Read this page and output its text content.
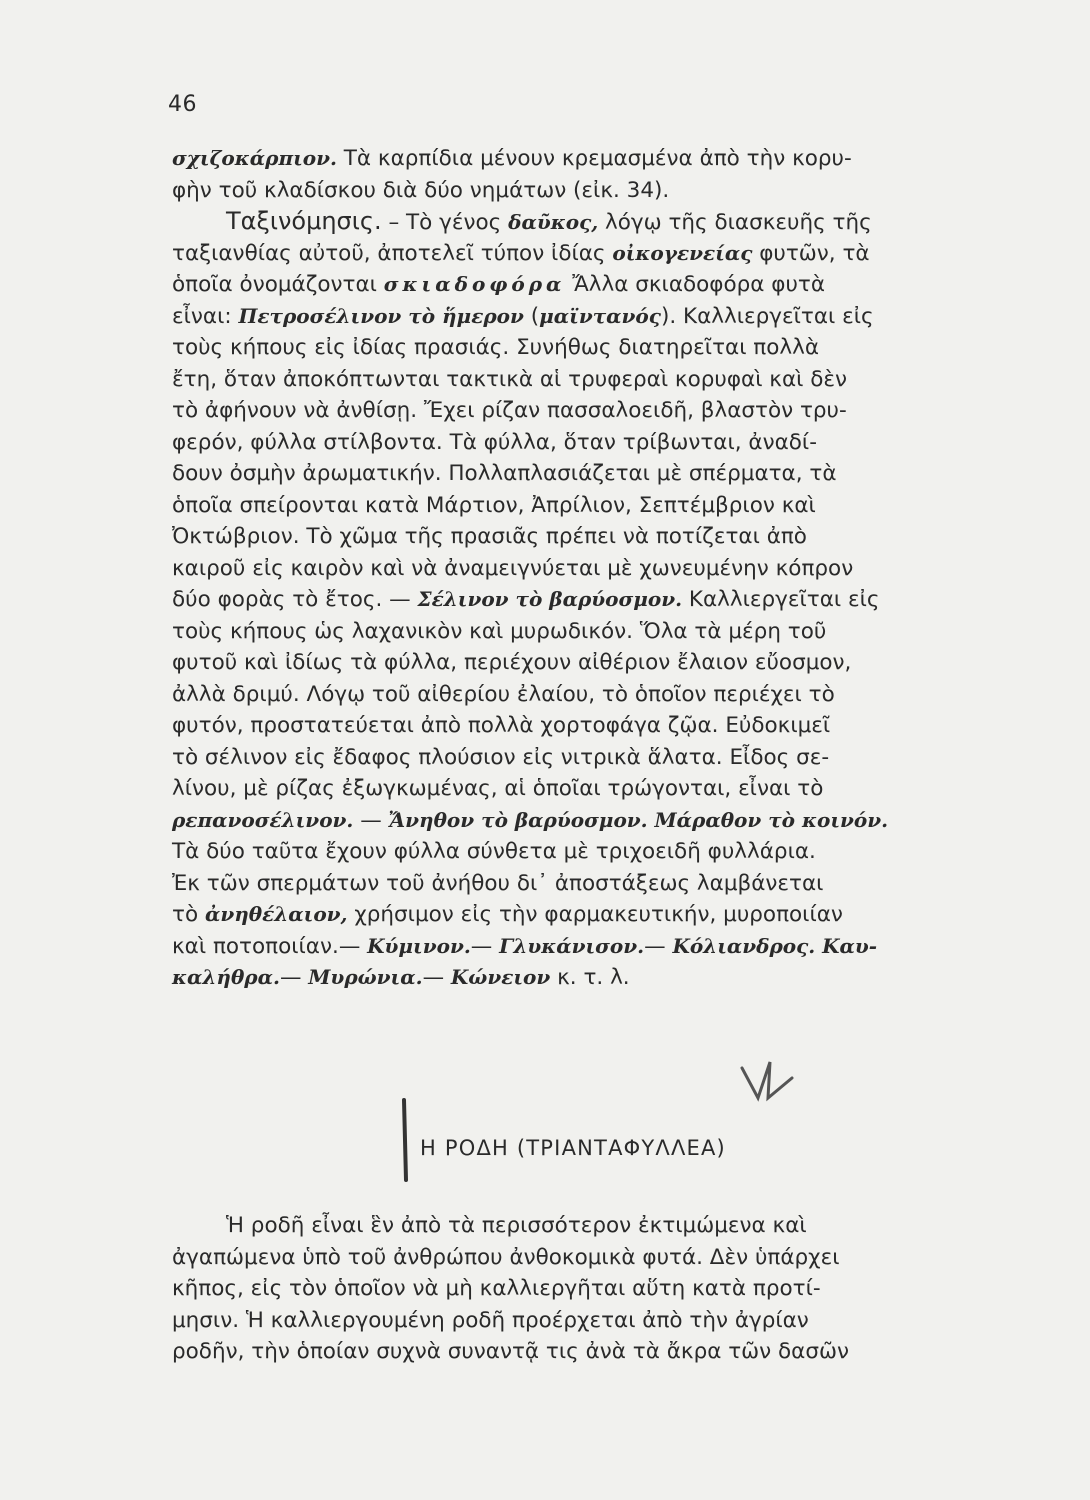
46
σχιζοκάρπιον. Τὰ καρπίδια μένουν κρεμασμένα ἀπὸ τὴν κορυ-
φὴν τοῦ κλαδίσκου διὰ δύο νημάτων (εἰκ. 34).
Ταξινόμησις. – Τὸ γένος δαῦκος, λόγῳ τῆς διασκευῆς τῆς
ταξιανθίας αὐτοῦ, ἀποτελεῖ τύπον ἰδίας οἰκογενείας φυτῶν, τὰ
ὁποῖα ὀνομάζονται σκιαδοφόρα Ἄλλα σκιαδοφόρα φυτὰ
εἶναι: Πετροσέλινον τὸ ἥμερον (μαϊντανός). Καλλιεργεῖται εἰς
τοὺς κήπους εἰς ἰδίας πρασιάς. Συνήθως διατηρεῖται πολλὰ
ἔτη, ὅταν ἀποκόπτωνται τακτικὰ αἱ τρυφεραὶ κορυφαὶ καὶ δὲν
τὸ ἀφήνουν νὰ ἀνθίσῃ. Ἔχει ρίζαν πασσαλοειδῆ, βλαστὸν τρυ-
φερόν, φύλλα στίλβοντα. Τὰ φύλλα, ὅταν τρίβωνται, ἀναδί-
δουν ὀσμὴν ἀρωματικήν. Πολλαπλασιάζεται μὲ σπέρματα, τὰ
ὁποῖα σπείρονται κατὰ Μάρτιον, Ἀπρίλιον, Σεπτέμβριον καὶ
Ὀκτώβριον. Τὸ χῶμα τῆς πρασιᾶς πρέπει νὰ ποτίζεται ἀπὸ
καιροῦ εἰς καιρὸν καὶ νὰ ἀναμειγνύεται μὲ χωνευμένην κόπρον
δύο φορὰς τὸ ἔτος. — Σέλινον τὸ βαρύοσμον. Καλλιεργεῖται εἰς
τοὺς κήπους ὡς λαχανικὸν καὶ μυρωδικόν. Ὅλα τὰ μέρη τοῦ
φυτοῦ καὶ ἰδίως τὰ φύλλα, περιέχουν αἰθέριον ἔλαιον εὔοσμον,
ἀλλὰ δριμύ. Λόγῳ τοῦ αἰθερίου ἐλαίου, τὸ ὁποῖον περιέχει τὸ
φυτόν, προστατεύεται ἀπὸ πολλὰ χορτοφάγα ζῷα. Εὐδοκιμεῖ
τὸ σέλινον εἰς ἔδαφος πλούσιον εἰς νιτρικὰ ἅλατα. Εἶδος σε-
λίνου, μὲ ρίζας ἐξωγκωμένας, αἱ ὁποῖαι τρώγονται, εἶναι τὸ
ρεπανοσέλινον. — Ἄνηθον τὸ βαρύοσμον. Μάραθον τὸ κοινόν.
Τὰ δύο ταῦτα ἔχουν φύλλα σύνθετα μὲ τριχοειδῆ φυλλάρια.
Ἐκ τῶν σπερμάτων τοῦ ἀνήθου δι᾽ ἀποστάξεως λαμβάνεται
τὸ ἀνηθέλαιον, χρήσιμον εἰς τὴν φαρμακευτικήν, μυροποιίαν
καὶ ποτοποιίαν.— Κύμινον.— Γλυκάνισον.— Κόλιανδρος. Καυ-
καλήθρα.— Μυρώνια.— Κώνειον κ. τ. λ.
Η ΡΟΔΗ (ΤΡΙΑΝΤΑΦΥΛΛΕΑ)
Ἡ ροδῆ εἶναι ἓν ἀπὸ τὰ περισσότερον ἐκτιμώμενα καὶ
ἀγαπώμενα ὑπὸ τοῦ ἀνθρώπου ἀνθοκομικὰ φυτά. Δὲν ὑπάρχει
κῆπος, εἰς τὸν ὁποῖον νὰ μὴ καλλιεργῆται αὕτη κατὰ προτί-
μησιν. Ἡ καλλιεργουμένη ροδῆ προέρχεται ἀπὸ τὴν ἀγρίαν
ροδῆν, τὴν ὁποίαν συχνὰ συναντᾷ τις ἀνὰ τὰ ἄκρα τῶν δασῶν
